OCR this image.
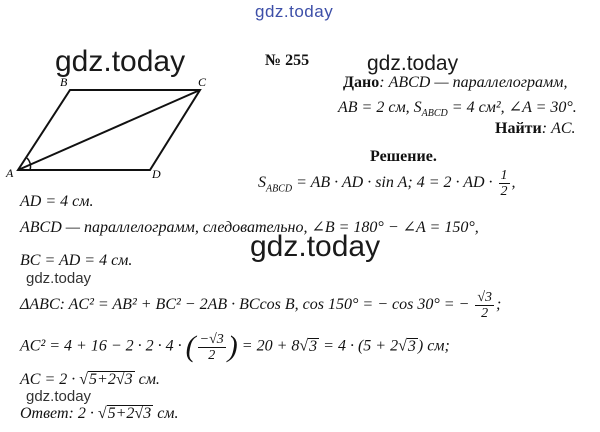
gdz.today
gdz.today	gdz.today
gdz.today
gdz.today
gdz.today
A
B	C
D
№ 255
Дано: ABCD — параллелограмм,
AB = 2 см, $S_{ABCD} = 4$ см², ∠A = 30°.
Найти: AC.
Решение.
$S_{ABCD}$ = AB · AD · sin A; 4 = 2 · AD · $\frac{1}{2}$ ,
AD = 4 см.
ABCD — параллелограмм, следовательно, ∠B = 180° − ∠A = 150°,
BC = AD = 4 см.
ΔABC: AC² = AB² + BC² − 2AB · BCcos B, cos 150° = − cos 30° = − $\frac{√3}{2}$ ;
AC² = 4 + 16 − 2 · 2 · 4 · ( $\frac{-√3}{2}$ ) = 20 + 8√3 = 4 · (5 + 2√3 ) см;
AC = 2 · √5+2√3 см.
Ответ: 2 · √5+2√3 см.
